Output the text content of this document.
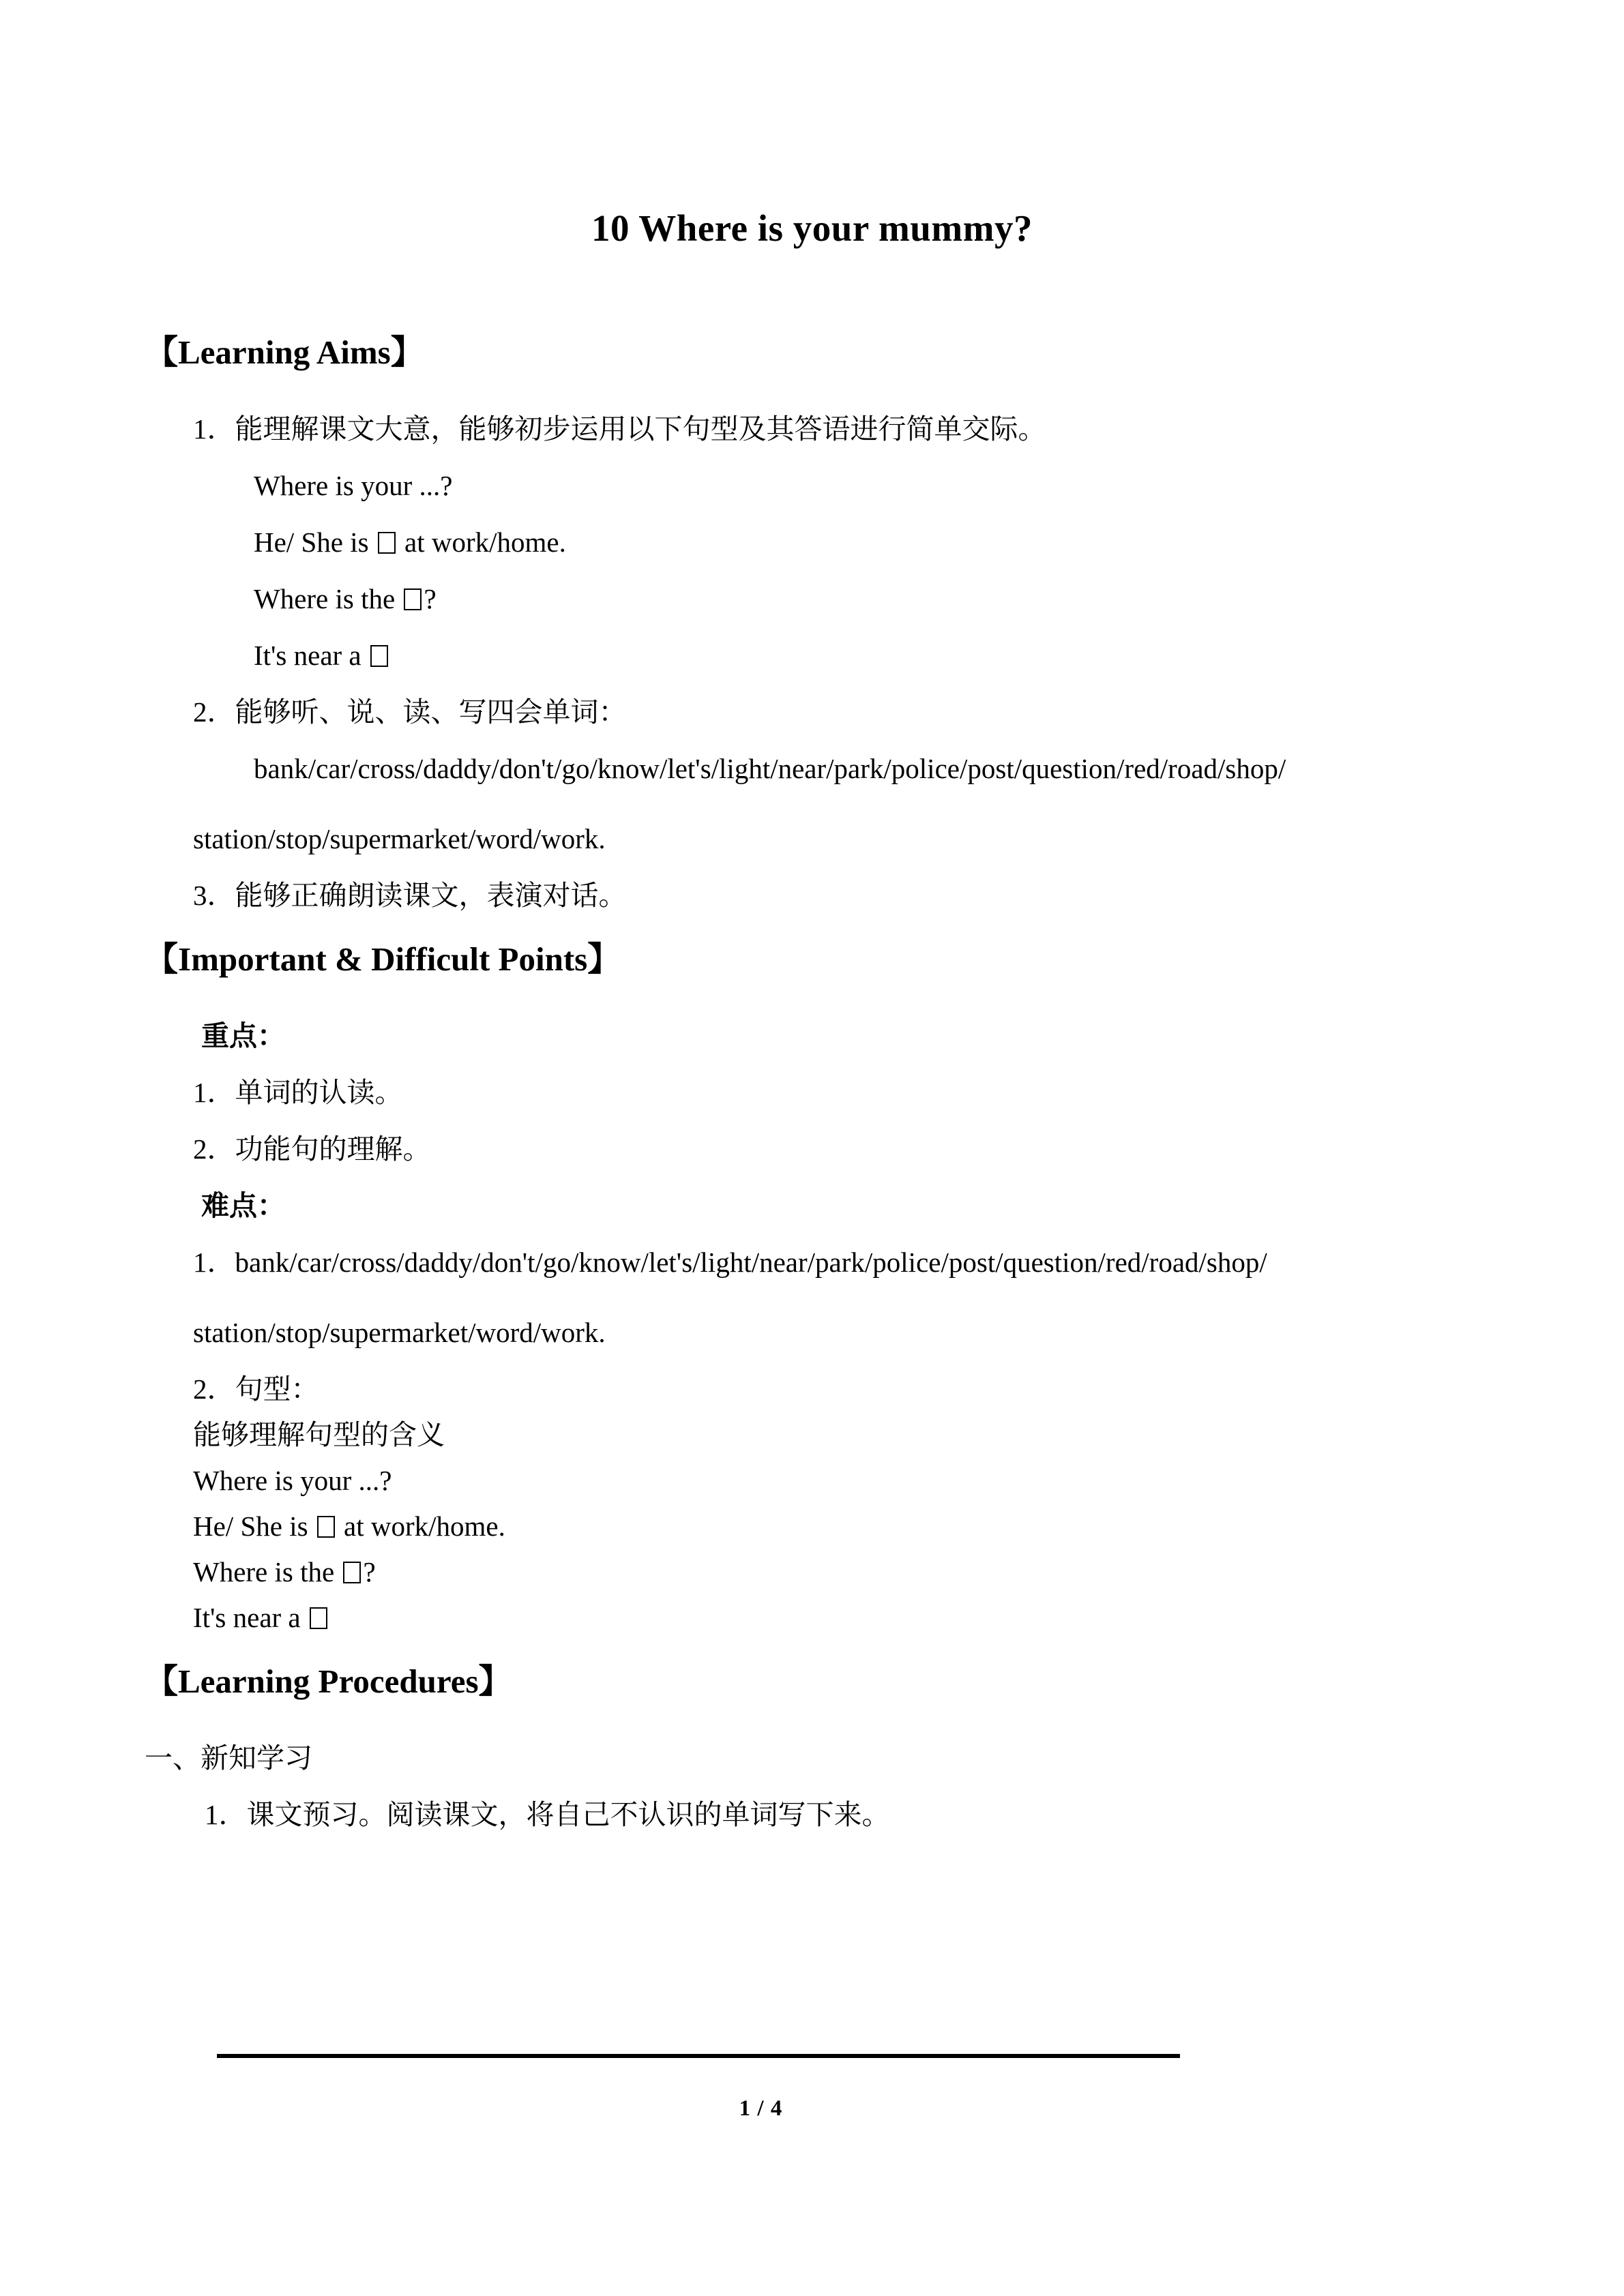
10 Where is your mummy?
【Learning Aims】
1．能理解课文大意，能够初步运用以下句型及其答语进行简单交际。
Where is your ...?
He/ She is  at work/home.
Where is the ?
It's near a
2．能够听、说、读、写四会单词：
bank/car/cross/daddy/don't/go/know/let's/light/near/park/police/post/question/red/road/shop/
station/stop/supermarket/word/work.
3．能够正确朗读课文，表演对话。
【Important & Difficult Points】
重点：
1．单词的认读。
2．功能句的理解。
难点：
1．bank/car/cross/daddy/don't/go/know/let's/light/near/park/police/post/question/red/road/shop/
station/stop/supermarket/word/work.
2．句型：
能够理解句型的含义
Where is your ...?
He/ She is  at work/home.
Where is the ?
It's near a
【Learning Procedures】
一、新知学习
1．课文预习。阅读课文，将自己不认识的单词写下来。
1 / 4
